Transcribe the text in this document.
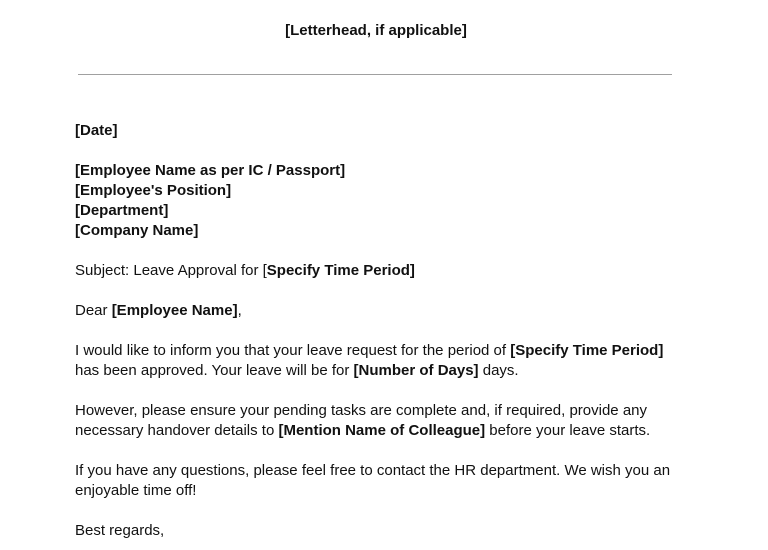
[Letterhead, if applicable]

[Date]

[Employee Name as per IC / Passport]

[Employee's Position]

[Department]

[Company Name]

Subject: Leave Approval for [Specify Time Period]

Dear [Employee Name],

I would like to inform you that your leave request for the period of [Specify Time Period] has been approved. Your leave will be for [Number of Days] days.

However, please ensure your pending tasks are complete and, if required, provide any necessary handover details to [Mention Name of Colleague] before your leave starts.

If you have any questions, please feel free to contact the HR department. We wish you an enjoyable time off!

Best regards,
